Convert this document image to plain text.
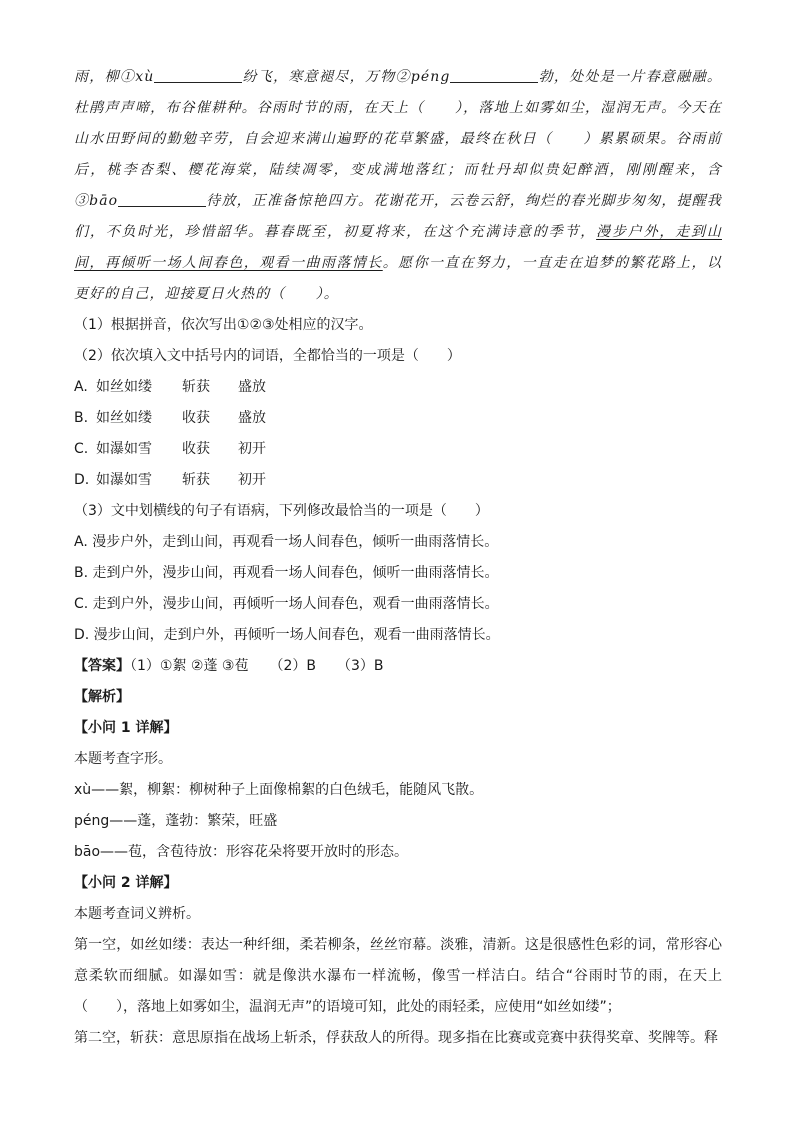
雨，柳①xù	纷飞，寒意褪尽，万物②péng	勃，处处是一片春意融融。杜鹃声声啼，布谷催耕种。谷雨时节的雨，在天上（　　 ），落地上如雾如尘，湿润无声。今天在山水田野间的勤勉辛劳，自会迎来满山遍野的花草繁盛，最终在秋日（　　 ）累累硕果。谷雨前后，桃李杏梨、樱花海棠，陆续凋零，变成满地落红；而牡丹却似贵妃醉酒，刚刚醒来，含③bāo	待放，正准备惊艳四方。花谢花开，云卷云舒，绚烂的春光脚步匆匆，提醒我们，不负时光，珍惜韶华。暮春既至，初夏将来，在这个充满诗意的季节，漫步户外，走到山间，再倾听一场人间春色，观看一曲雨落情长。愿你一直在努力，一直走在追梦的繁花路上，以更好的自己，迎接夏日火热的（　　 ）。
（1）根据拼音，依次写出①②③处相应的汉字。
（2）依次填入文中括号内的词语，全都恰当的一项是（　　）
A. 如丝如缕 斩获 盛放
B. 如丝如缕 收获 盛放
C. 如瀑如雪 收获 初开
D. 如瀑如雪 斩获 初开
（3）文中划横线的句子有语病，下列修改最恰当的一项是（　　）
A. 漫步户外，走到山间，再观看一场人间春色，倾听一曲雨落情长。
B. 走到户外，漫步山间，再观看一场人间春色，倾听一曲雨落情长。
C. 走到户外，漫步山间，再倾听一场人间春色，观看一曲雨落情长。
D. 漫步山间，走到户外，再倾听一场人间春色，观看一曲雨落情长。
【答案】（1）①絮 ②蓬 ③苞　　（2）B　　（3）B
【解析】
【小问 1 详解】
本题考查字形。
xù——絮，柳絮：柳树种子上面像棉絮的白色绒毛，能随风飞散。
péng——蓬，蓬勃：繁荣，旺盛
bāo——苞，含苞待放：形容花朵将要开放时的形态。
【小问 2 详解】
本题考查词义辨析。
第一空，如丝如缕：表达一种纤细，柔若柳条，丝丝帘幕。淡雅，清新。这是很感性色彩的词，常形容心意柔软而细腻。如瀑如雪：就是像洪水瀑布一样流畅，像雪一样洁白。结合“谷雨时节的雨，在天上（　　），落地上如雾如尘，温润无声”的语境可知，此处的雨轻柔，应使用“如丝如缕”；
第二空，斩获：意思原指在战场上斩杀，俘获敌人的所得。现多指在比赛或竞赛中获得奖章、奖牌等。释
